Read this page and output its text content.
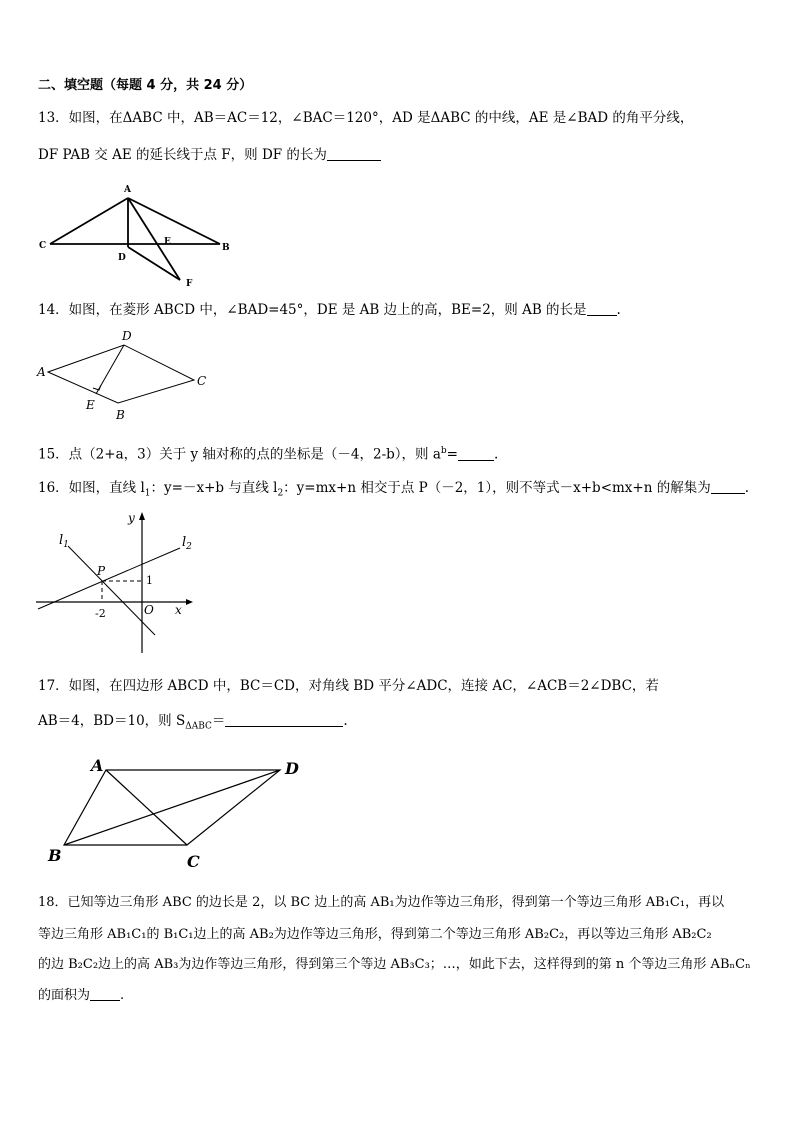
二、填空题（每题 4 分，共 24 分）
13．如图，在ΔABC 中，AB＝AC＝12，∠BAC＝120°，AD 是ΔABC 的中线，AE 是∠BAD 的角平分线，
DF PAB 交 AE 的延长线于点 F，则 DF 的长为
A
C
D
E
B
F
14．如图，在菱形 ABCD 中，∠BAD=45°，DE 是 AB 边上的高，BE=2，则 AB 的长是 .
D
A
C
E
B
15．点（2+a，3）关于 y 轴对称的点的坐标是（－4，2-b），则 $a^b=$	.
16．如图，直线 $l_1$：y=－x+b 与直线 $l_2$：y=mx+n 相交于点 P（－2，1），则不等式－x+b<mx+n 的解集为	.
$l_1$	$l_2$
y
x
P
1
-2	O
17．如图，在四边形 ABCD 中，BC＝CD，对角线 BD 平分∠ADC，连接 AC，∠ACB＝2∠DBC，若
AB＝4，BD＝10，则 $S_{\Delta ABC}=$	.
A	D
B	C
18．已知等边三角形 ABC 的边长是 2，以 BC 边上的高 AB₁为边作等边三角形，得到第一个等边三角形 AB₁C₁，再以
等边三角形 AB₁C₁的 B₁C₁边上的高 AB₂为边作等边三角形，得到第二个等边三角形 AB₂C₂，再以等边三角形 AB₂C₂
的边 B₂C₂边上的高 AB₃为边作等边三角形，得到第三个等边 AB₃C₃；…，如此下去，这样得到的第 n 个等边三角形 ABₙCₙ
的面积为 .
